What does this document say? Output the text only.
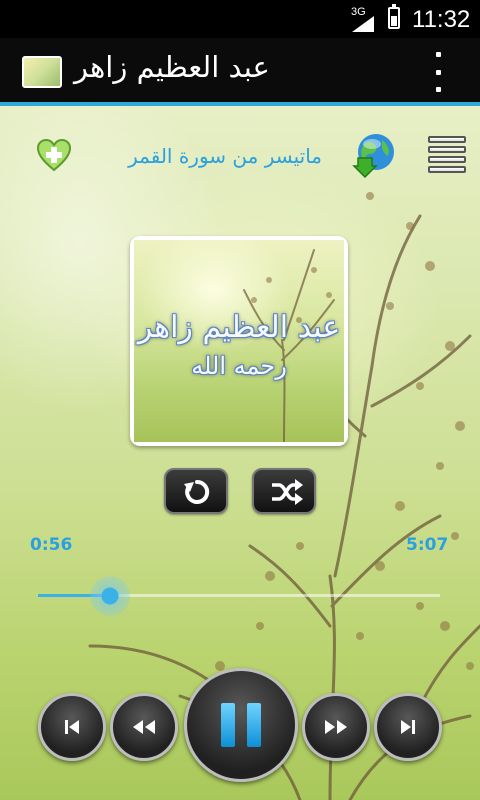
3G 11:32
عبد العظيم زاهر
ماتيسر من سورة القمر
عبد العظيم زاهر
رحمه الله
0:56	5:07
